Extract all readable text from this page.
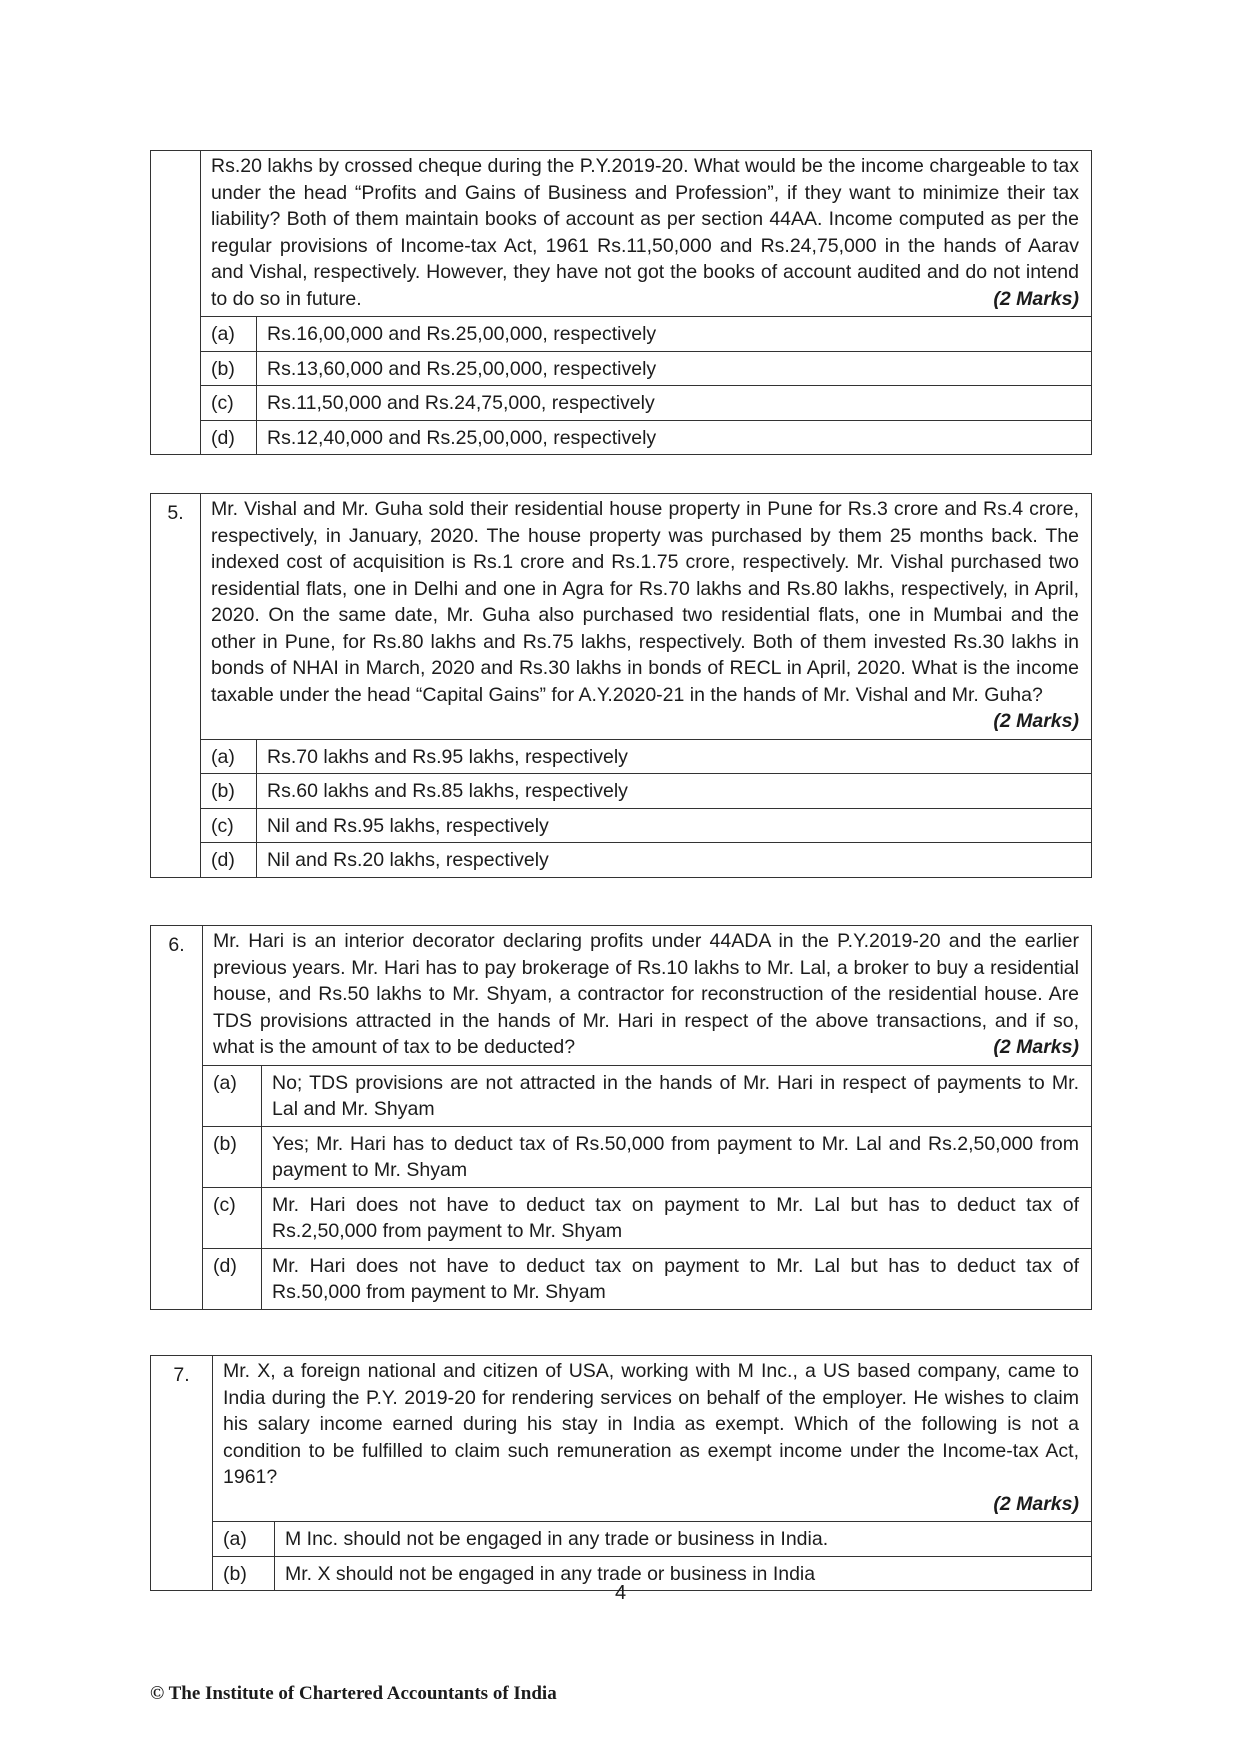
	Rs.20 lakhs by crossed cheque during the P.Y.2019-20. What would be the income chargeable to tax under the head “Profits and Gains of Business and Profession”, if they want to minimize their tax liability? Both of them maintain books of account as per section 44AA. Income computed as per the regular provisions of Income-tax Act, 1961 Rs.11,50,000 and Rs.24,75,000 in the hands of Aarav and Vishal, respectively. However, they have not got the books of account audited and do not intend to do so in future. (2 Marks)	

	(a)	Rs.16,00,000 and Rs.25,00,000, respectively
	(b)	Rs.13,60,000 and Rs.25,00,000, respectively
	(c)	Rs.11,50,000 and Rs.24,75,000, respectively
	(d)	Rs.12,40,000 and Rs.25,00,000, respectively
5.	Mr. Vishal and Mr. Guha sold their residential house property in Pune for Rs.3 crore and Rs.4 crore, respectively, in January, 2020. The house property was purchased by them 25 months back. The indexed cost of acquisition is Rs.1 crore and Rs.1.75 crore, respectively. Mr. Vishal purchased two residential flats, one in Delhi and one in Agra for Rs.70 lakhs and Rs.80 lakhs, respectively, in April, 2020. On the same date, Mr. Guha also purchased two residential flats, one in Mumbai and the other in Pune, for Rs.80 lakhs and Rs.75 lakhs, respectively. Both of them invested Rs.30 lakhs in bonds of NHAI in March, 2020 and Rs.30 lakhs in bonds of RECL in April, 2020. What is the income taxable under the head “Capital Gains” for A.Y.2020-21 in the hands of Mr. Vishal and Mr. Guha?
(2 Marks)	

	(a)	Rs.70 lakhs and Rs.95 lakhs, respectively
	(b)	Rs.60 lakhs and Rs.85 lakhs, respectively
	(c)	Nil and Rs.95 lakhs, respectively
	(d)	Nil and Rs.20 lakhs, respectively
6.	Mr. Hari is an interior decorator declaring profits under 44ADA in the P.Y.2019-20 and the earlier previous years. Mr. Hari has to pay brokerage of Rs.10 lakhs to Mr. Lal, a broker to buy a residential house, and Rs.50 lakhs to Mr. Shyam, a contractor for reconstruction of the residential house. Are TDS provisions attracted in the hands of Mr. Hari in respect of the above transactions, and if so, what is the amount of tax to be deducted? (2 Marks)	

	(a)	No; TDS provisions are not attracted in the hands of Mr. Hari in respect of payments to Mr. Lal and Mr. Shyam
	(b)	Yes; Mr. Hari has to deduct tax of Rs.50,000 from payment to Mr. Lal and Rs.2,50,000 from payment to Mr. Shyam
	(c)	Mr. Hari does not have to deduct tax on payment to Mr. Lal but has to deduct tax of Rs.2,50,000 from payment to Mr. Shyam
	(d)	Mr. Hari does not have to deduct tax on payment to Mr. Lal but has to deduct tax of Rs.50,000 from payment to Mr. Shyam
7.	Mr. X, a foreign national and citizen of USA, working with M Inc., a US based company, came to India during the P.Y. 2019-20 for rendering services on behalf of the employer. He wishes to claim his salary income earned during his stay in India as exempt. Which of the following is not a condition to be fulfilled to claim such remuneration as exempt income under the Income-tax Act, 1961?
(2 Marks)	

	(a)	M Inc. should not be engaged in any trade or business in India.
	(b)	Mr. X should not be engaged in any trade or business in India
4
© The Institute of Chartered Accountants of India
